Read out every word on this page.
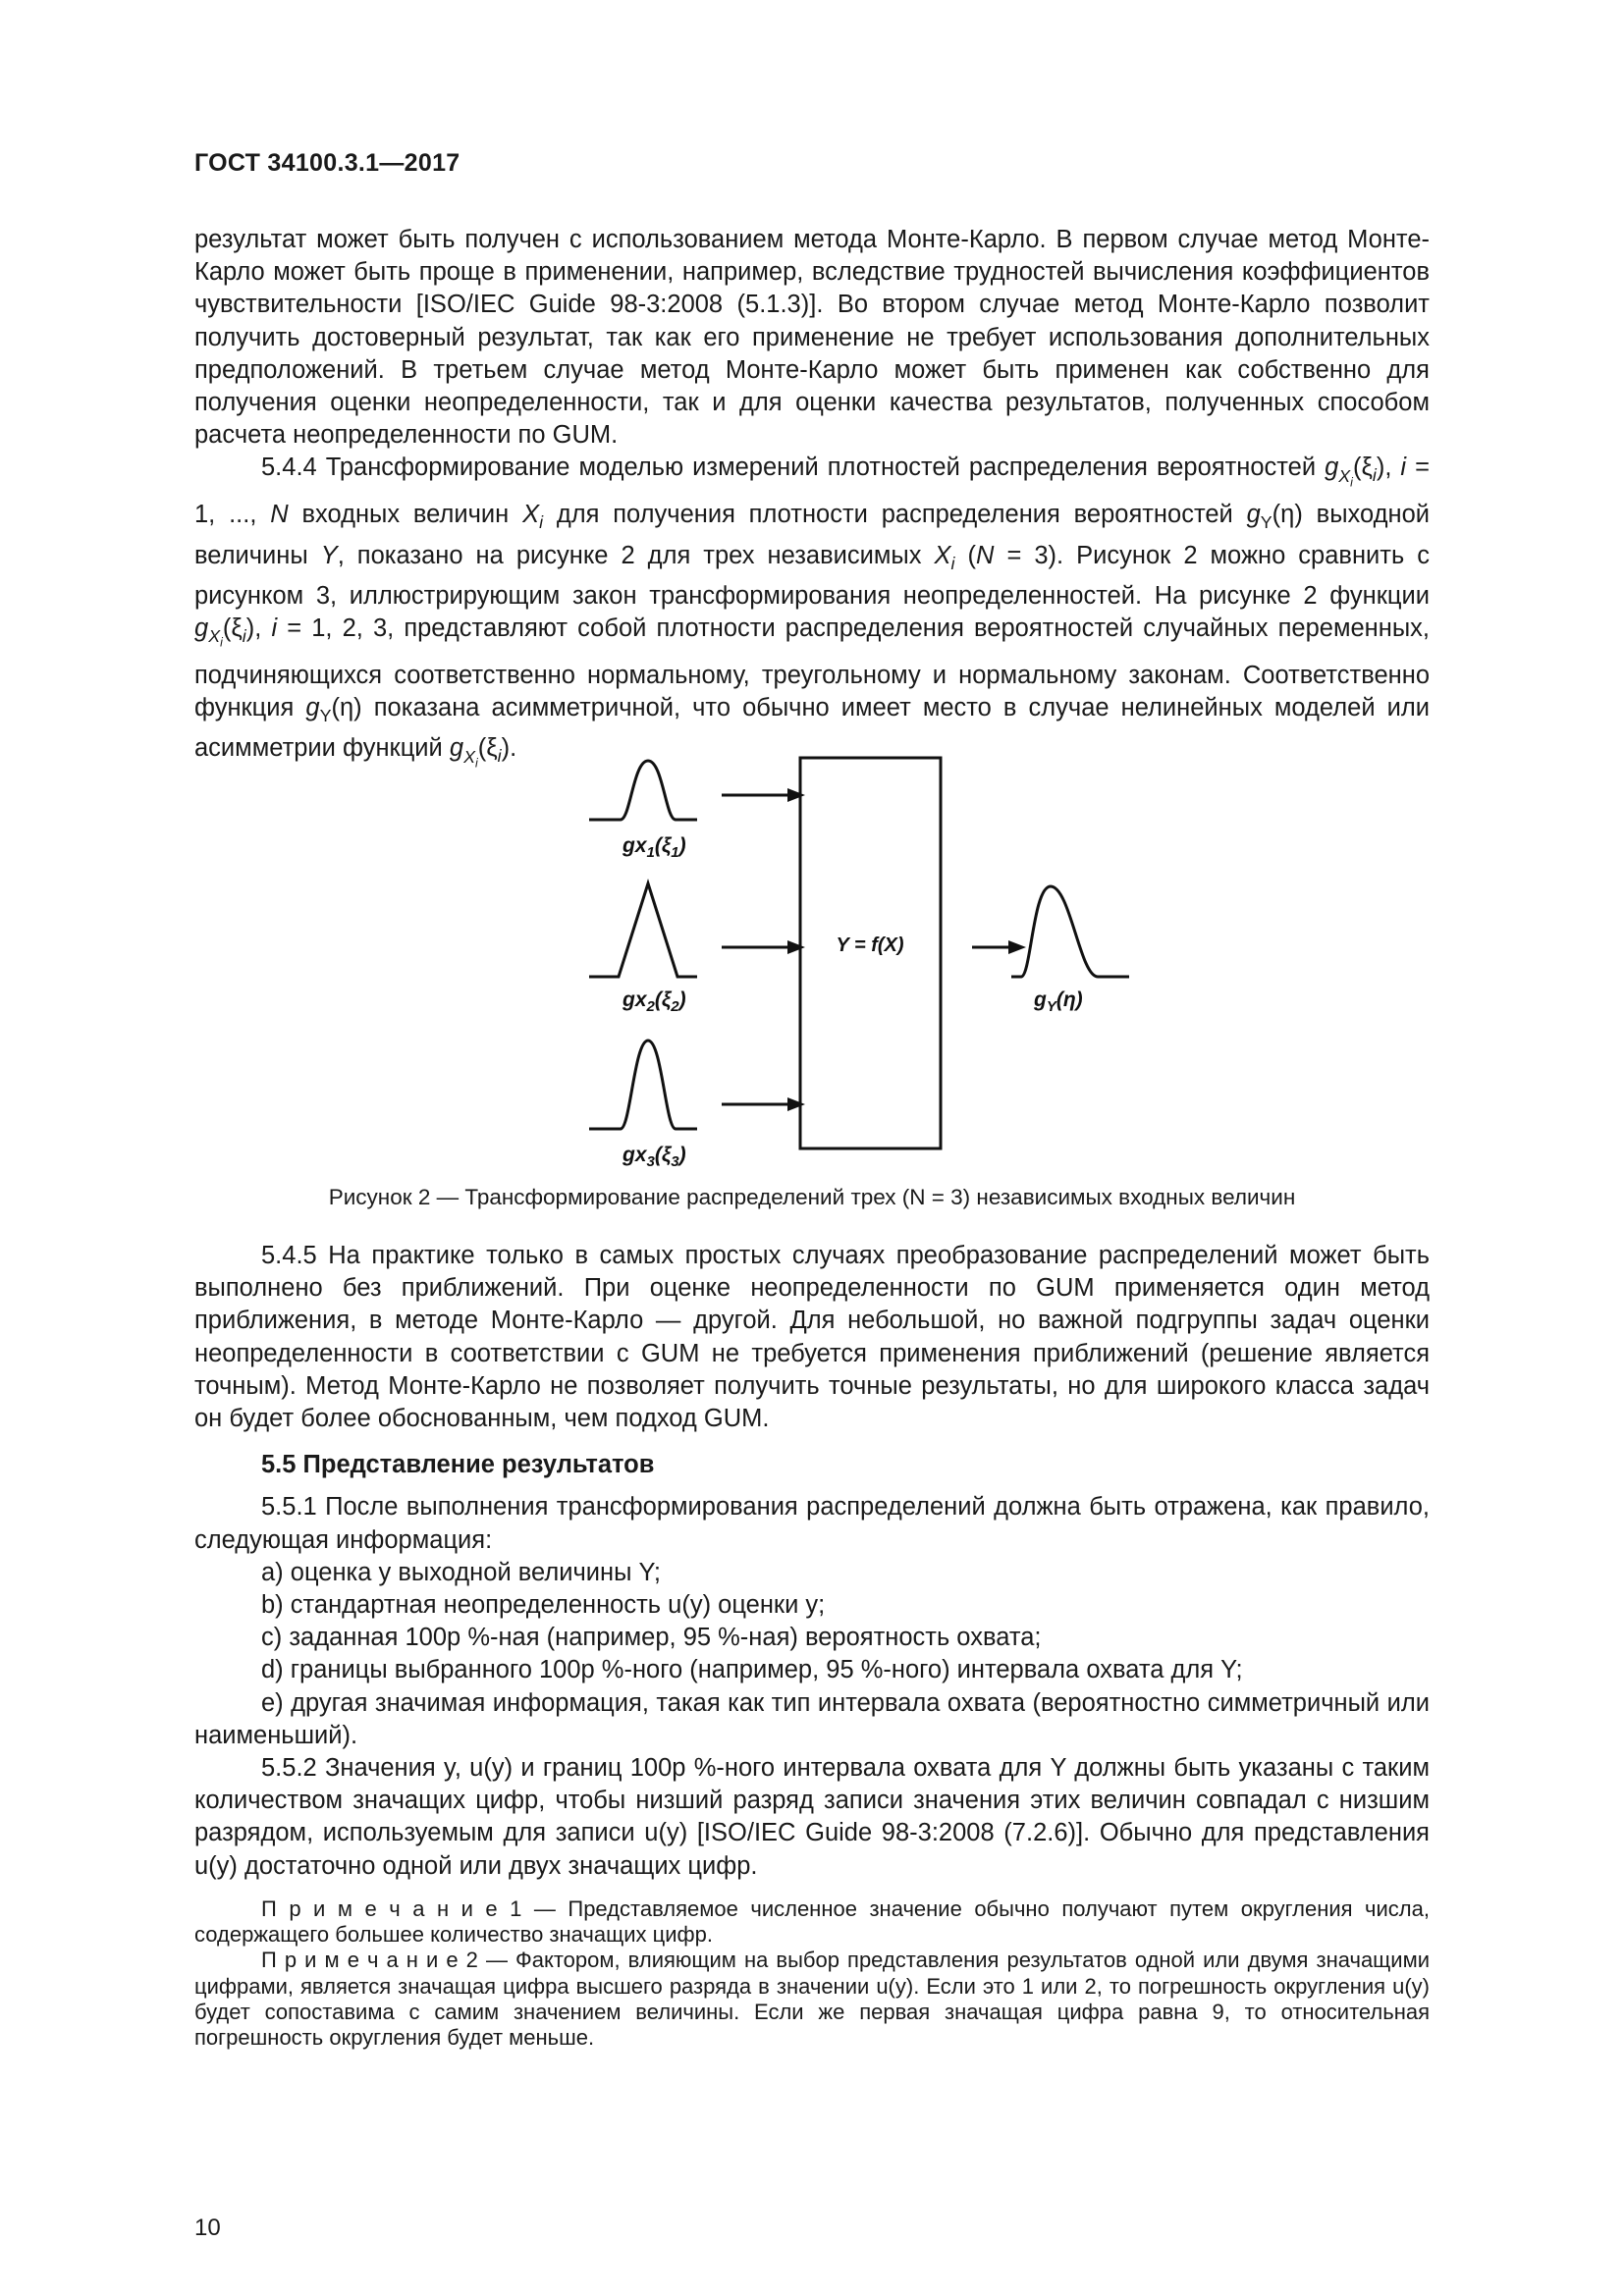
ГОСТ 34100.3.1—2017

результат может быть получен с использованием метода Монте-Карло. В первом случае метод Монте-Карло может быть проще в применении, например, вследствие трудностей вычисления коэффициентов чувствительности [ISO/IEC Guide 98-3:2008 (5.1.3)]. Во втором случае метод Монте-Карло позволит получить достоверный результат, так как его применение не требует использования дополнительных предположений. В третьем случае метод Монте-Карло может быть применен как собственно для получения оценки неопределенности, так и для оценки качества результатов, полученных способом расчета неопределенности по GUM.

5.4.4 Трансформирование моделью измерений плотностей распределения вероятностей $g_{X_i}(\xi_i)$, i = 1, ..., N входных величин $X_i$ для получения плотности распределения вероятностей $g_Y(\eta)$ выходной величины Y, показано на рисунке 2 для трех независимых $X_i$ (N = 3). Рисунок 2 можно сравнить с рисунком 3, иллюстрирующим закон трансформирования неопределенностей. На рисунке 2 функции $g_{X_i}(\xi_i)$, i = 1, 2, 3, представляют собой плотности распределения вероятностей случайных переменных, подчиняющихся соответственно нормальному, треугольному и нормальному законам. Соответственно функция $g_Y(\eta)$ показана асимметричной, что обычно имеет место в случае нелинейных моделей или асимметрии функций $g_{X_i}(\xi_i)$.

Y = f(X)
$gx_1(\xi_1)$
$gx_2(\xi_2)$
$gx_3(\xi_3)$
$g_Y(\eta)$
Рисунок 2 — Трансформирование распределений трех (N = 3) независимых входных величин

5.4.5 На практике только в самых простых случаях преобразование распределений может быть выполнено без приближений. При оценке неопределенности по GUM применяется один метод приближения, в методе Монте-Карло — другой. Для небольшой, но важной подгруппы задач оценки неопределенности в соответствии с GUM не требуется применения приближений (решение является точным). Метод Монте-Карло не позволяет получить точные результаты, но для широкого класса задач он будет более обоснованным, чем подход GUM.

5.5 Представление результатов

5.5.1 После выполнения трансформирования распределений должна быть отражена, как правило, следующая информация:

а) оценка y выходной величины Y;

b) стандартная неопределенность u(y) оценки y;

с) заданная 100p %-ная (например, 95 %-ная) вероятность охвата;

d) границы выбранного 100p %-ного (например, 95 %-ного) интервала охвата для Y;

е) другая значимая информация, такая как тип интервала охвата (вероятностно симметричный или наименьший).

5.5.2 Значения y, u(y) и границ 100p %-ного интервала охвата для Y должны быть указаны с таким количеством значащих цифр, чтобы низший разряд записи значения этих величин совпадал с низшим разрядом, используемым для записи u(y) [ISO/IEC Guide 98-3:2008 (7.2.6)]. Обычно для представления u(y) достаточно одной или двух значащих цифр.

П р и м е ч а н и е 1 — Представляемое численное значение обычно получают путем округления числа, содержащего большее количество значащих цифр.

П р и м е ч а н и е 2 — Фактором, влияющим на выбор представления результатов одной или двумя значащими цифрами, является значащая цифра высшего разряда в значении u(y). Если это 1 или 2, то погрешность округления u(y) будет сопоставима с самим значением величины. Если же первая значащая цифра равна 9, то относительная погрешность округления будет меньше.

10
